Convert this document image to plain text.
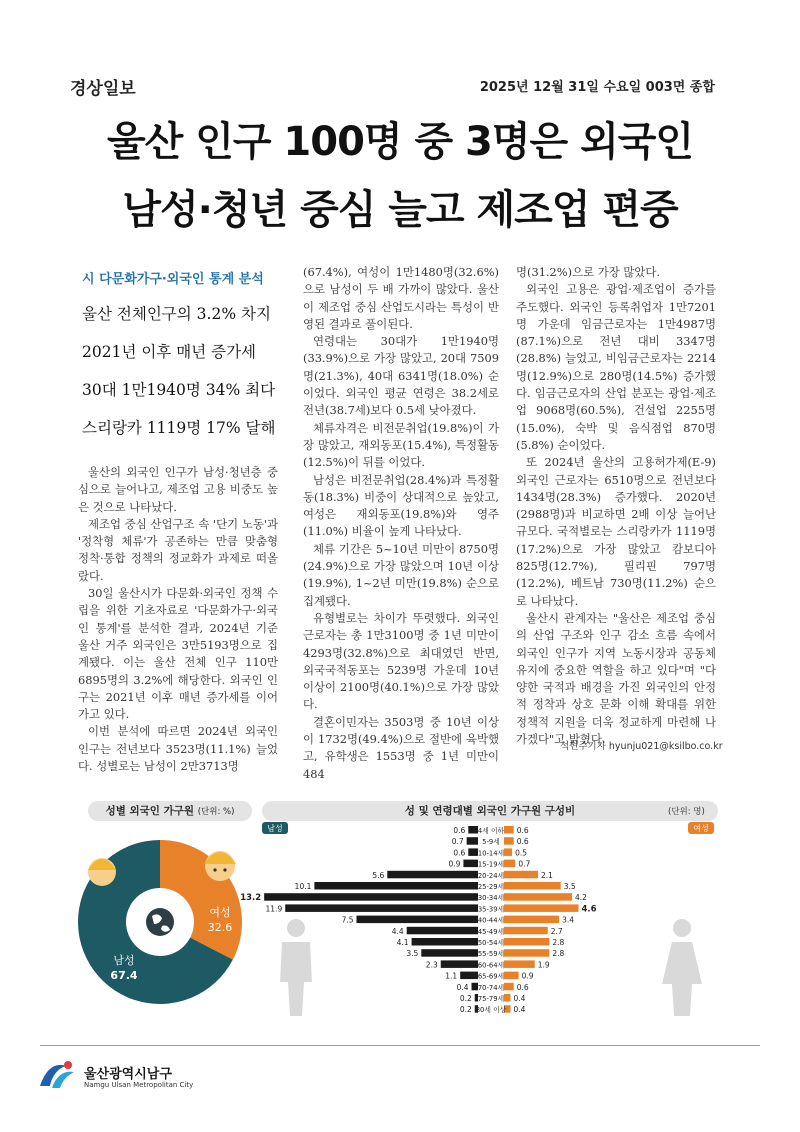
경상일보	2025년 12월 31일 수요일 003면 종합
울산 인구 100명 중 3명은 외국인
남성·청년 중심 늘고 제조업 편중
시 다문화가구·외국인 통계 분석
울산 전체인구의 3.2% 차지
2021년 이후 매년 증가세
30대 1만1940명 34% 최다
스리랑카 1119명 17% 달해

울산의 외국인 인구가 남성·청년층 중심으로 늘어나고, 제조업 고용 비중도 높은 것으로 나타났다.

제조업 중심 산업구조 속 '단기 노동'과 '정착형 체류'가 공존하는 만큼 맞춤형 정착·통합 정책의 정교화가 과제로 떠올랐다.

30일 울산시가 다문화·외국인 정책 수립을 위한 기초자료로 '다문화가구·외국인 통계'를 분석한 결과, 2024년 기준 울산 거주 외국인은 3만5193명으로 집계됐다. 이는 울산 전체 인구 110만6895명의 3.2%에 해당한다. 외국인 인구는 2021년 이후 매년 증가세를 이어가고 있다.

이번 분석에 따르면 2024년 외국인 인구는 전년보다 3523명(11.1%) 늘었다. 성별로는 남성이 2만3713명

(67.4%), 여성이 1만1480명(32.6%)으로 남성이 두 배 가까이 많았다. 울산이 제조업 중심 산업도시라는 특성이 반영된 결과로 풀이된다.

연령대는 30대가 1만1940명(33.9%)으로 가장 많았고, 20대 7509명(21.3%), 40대 6341명(18.0%) 순이었다. 외국인 평균 연령은 38.2세로 전년(38.7세)보다 0.5세 낮아졌다.

체류자격은 비전문취업(19.8%)이 가장 많았고, 재외동포(15.4%), 특정활동(12.5%)이 뒤를 이었다.

남성은 비전문취업(28.4%)과 특정활동(18.3%) 비중이 상대적으로 높았고, 여성은 재외동포(19.8%)와 영주(11.0%) 비율이 높게 나타났다.

체류 기간은 5~10년 미만이 8750명(24.9%)으로 가장 많았으며 10년 이상(19.9%), 1~2년 미만(19.8%) 순으로 집계됐다.

유형별로는 차이가 뚜렷했다. 외국인근로자는 총 1만3100명 중 1년 미만이 4293명(32.8%)으로 최대였던 반면, 외국국적동포는 5239명 가운데 10년 이상이 2100명(40.1%)으로 가장 많았다.

결혼이민자는 3503명 중 10년 이상이 1732명(49.4%)으로 절반에 육박했고, 유학생은 1553명 중 1년 미만이 484

명(31.2%)으로 가장 많았다.

외국인 고용은 광업·제조업이 증가를 주도했다. 외국인 등록취업자 1만7201명 가운데 임금근로자는 1만4987명(87.1%)으로 전년 대비 3347명(28.8%) 늘었고, 비임금근로자는 2214명(12.9%)으로 280명(14.5%) 증가했다. 임금근로자의 산업 분포는 광업·제조업 9068명(60.5%), 건설업 2255명(15.0%), 숙박 및 음식점업 870명(5.8%) 순이었다.

또 2024년 울산의 고용허가제(E-9) 외국인 근로자는 6510명으로 전년보다 1434명(28.3%) 증가했다. 2020년(2988명)과 비교하면 2배 이상 늘어난 규모다. 국적별로는 스리랑카가 1119명(17.2%)으로 가장 많았고 캄보디아 825명(12.7%), 필리핀 797명(12.2%), 베트남 730명(11.2%) 순으로 나타났다.

울산시 관계자는 "울산은 제조업 중심의 산업 구조와 인구 감소 흐름 속에서 외국인 인구가 지역 노동시장과 공동체 유지에 중요한 역할을 하고 있다"며 "다양한 국적과 배경을 가진 외국인의 안정적 정착과 상호 문화 이해 확대를 위한 정책적 지원을 더욱 정교하게 마련해 나가겠다"고 밝혔다.

석현주기자 hyunju021@ksilbo.co.kr
성별 외국인 가구원 (단위: %)	성 및 연령대별 외국인 가구원 구성비	(단위: 명)
여성
32.6
남성
67.4
남성	여성
0.6	0.6
4세 이하
0.7	0.6
5-9세
0.6	0.5
10-14세
0.9	0.7
15-19세
5.6	2.1
20-24세
10.1	3.5
25-29세
13.2	4.2
30-34세
11.9	4.6
35-39세
7.5	3.4
40-44세
4.4	2.7
45-49세
4.1	2.8
50-54세
3.5	2.8
55-59세
2.3	1.9
60-64세
1.1	0.9
65-69세
0.4	0.6
70-74세
0.2	0.4
75-79세
0.2	0.4
80세 이상
울산광역시남구
Namgu Ulsan Metropolitan City
